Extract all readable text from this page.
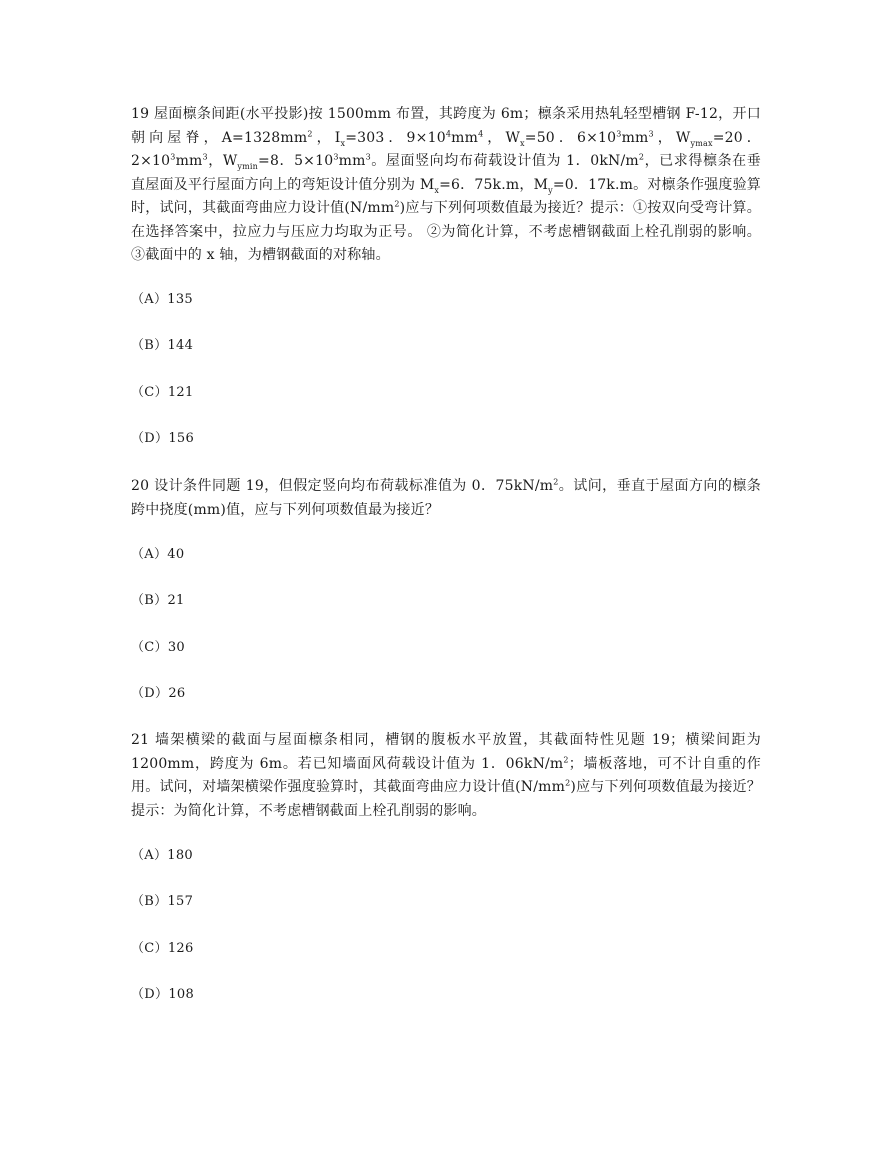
19 屋面檩条间距(水平投影)按 1500mm 布置，其跨度为 6m；檩条采用热轧轻型槽钢 F-12，开口朝向屋脊，$A=1328mm^2$，$I_x=303$．$9\times 10^4mm^4$，$W_x=50$．$6\times 10^3mm^3$，$W_{ymax}=20$．$2\times 10^3mm^3$，$W_{ymin}=8$．$5\times 10^3mm^3$。屋面竖向均布荷载设计值为 1．$0kN/m^2$，已求得檩条在垂直屋面及平行屋面方向上的弯矩设计值分别为 $M_x=6$．75k.m，$M_y=0$．17k.m。对檩条作强度验算时，试问，其截面弯曲应力设计值$(N/mm^2)$应与下列何项数值最为接近？提示：①按双向受弯计算。在选择答案中，拉应力与压应力均取为正号。 ②为简化计算，不考虑槽钢截面上栓孔削弱的影响。 ③截面中的 x 轴，为槽钢截面的对称轴。

（A）135
（B）144
（C）121
（D）156

20 设计条件同题 19，但假定竖向均布荷载标准值为 0．$75kN/m^2$。试问，垂直于屋面方向的檩条跨中挠度(mm)值，应与下列何项数值最为接近？

（A）40
（B）21
（C）30
（D）26

21 墙架横梁的截面与屋面檩条相同，槽钢的腹板水平放置，其截面特性见题 19；横梁间距为 1200mm，跨度为 6m。若已知墙面风荷载设计值为 1．$06kN/m^2$；墙板落地，可不计自重的作用。试问，对墙架横梁作强度验算时，其截面弯曲应力设计值$(N/mm^2)$应与下列何项数值最为接近？提示：为简化计算，不考虑槽钢截面上栓孔削弱的影响。

（A）180
（B）157
（C）126
（D）108
